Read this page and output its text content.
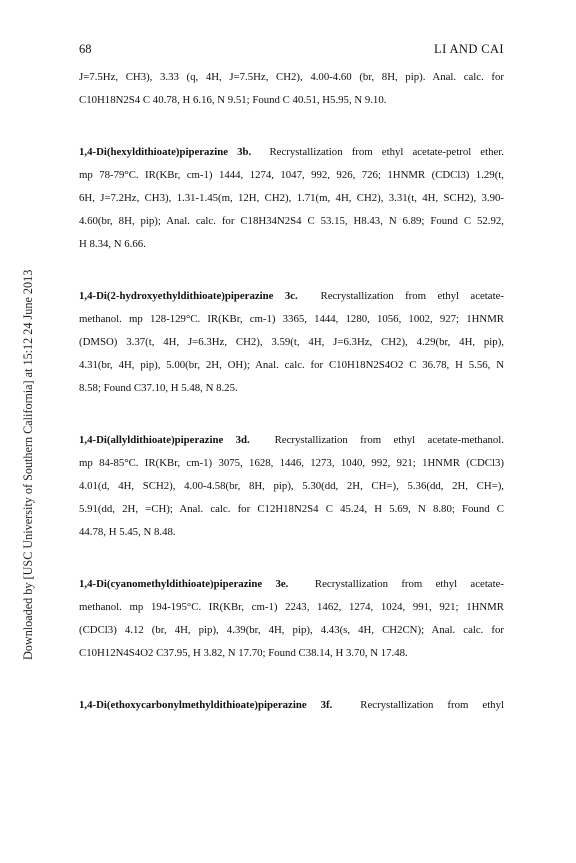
68	LI AND CAI
Downloaded by [USC University of Southern California] at 15:12 24 June 2013
J=7.5Hz, CH3), 3.33 (q, 4H, J=7.5Hz, CH2), 4.00-4.60 (br, 8H, pip). Anal. calc. for
C10H18N2S4 C 40.78, H 6.16, N 9.51; Found C 40.51, H5.95, N 9.10.
1,4-Di(hexyldithioate)piperazine 3b. Recrystallization from ethyl acetate-petrol ether.
mp 78-79°C. IR(KBr, cm-1) 1444, 1274, 1047, 992, 926, 726; 1HNMR (CDCl3) 1.29(t,
6H, J=7.2Hz, CH3), 1.31-1.45(m, 12H, CH2), 1.71(m, 4H, CH2), 3.31(t, 4H, SCH2), 3.90-
4.60(br, 8H, pip); Anal. calc. for C18H34N2S4 C 53.15, H8.43, N 6.89; Found C 52.92,
H 8.34, N 6.66.
1,4-Di(2-hydroxyethyldithioate)piperazine 3c. Recrystallization from ethyl acetate-
methanol. mp 128-129°C. IR(KBr, cm-1) 3365, 1444, 1280, 1056, 1002, 927; 1HNMR
(DMSO) 3.37(t, 4H, J=6.3Hz, CH2), 3.59(t, 4H, J=6.3Hz, CH2), 4.29(br, 4H, pip),
4.31(br, 4H, pip), 5.00(br, 2H, OH); Anal. calc. for C10H18N2S4O2 C 36.78, H 5.56, N
8.58; Found C37.10, H 5.48, N 8.25.
1,4-Di(allyldithioate)piperazine 3d. Recrystallization from ethyl acetate-methanol.
mp 84-85°C. IR(KBr, cm-1) 3075, 1628, 1446, 1273, 1040, 992, 921; 1HNMR (CDCl3)
4.01(d, 4H, SCH2), 4.00-4.58(br, 8H, pip), 5.30(dd, 2H, CH=), 5.36(dd, 2H, CH=),
5.91(dd, 2H, =CH); Anal. calc. for C12H18N2S4 C 45.24, H 5.69, N 8.80; Found C
44.78, H 5.45, N 8.48.
1,4-Di(cyanomethyldithioate)piperazine 3e. Recrystallization from ethyl acetate-
methanol. mp 194-195°C. IR(KBr, cm-1) 2243, 1462, 1274, 1024, 991, 921; 1HNMR
(CDCl3) 4.12 (br, 4H, pip), 4.39(br, 4H, pip), 4.43(s, 4H, CH2CN); Anal. calc. for
C10H12N4S4O2 C37.95, H 3.82, N 17.70; Found C38.14, H 3.70, N 17.48.
1,4-Di(ethoxycarbonylmethyldithioate)piperazine 3f.	Recrystallization from ethyl
